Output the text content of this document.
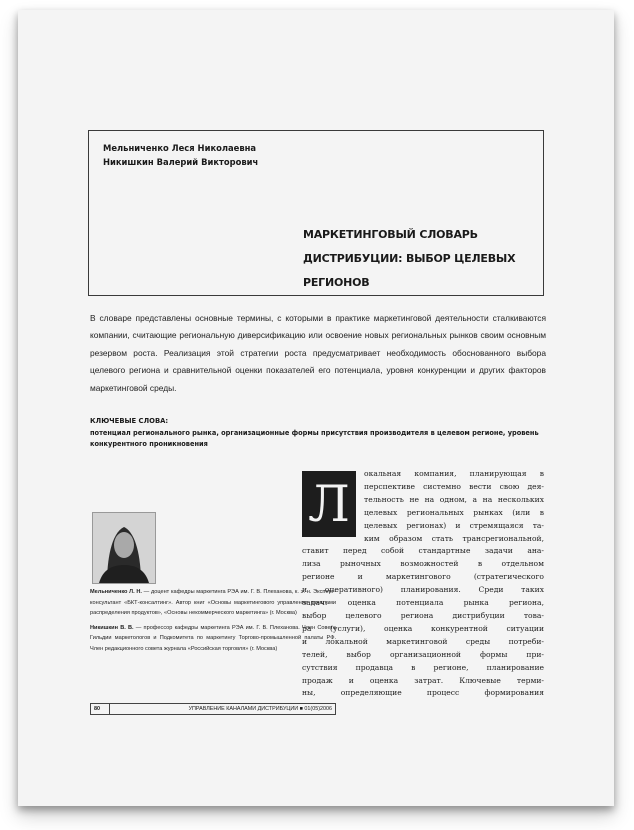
Мельниченко Леся Николаевна
Никишкин Валерий Викторович
МАРКЕТИНГОВЫЙ СЛОВАРЬ
ДИСТРИБУЦИИ: ВЫБОР ЦЕЛЕВЫХ
РЕГИОНОВ
В словаре представлены основные термины, с которыми в практике маркетинговой деятельности сталкиваются компании, считающие региональную диверсификацию или освоение новых региональных рынков своим основным резервом роста. Реализация этой стратегии роста предусматривает необходимость обоснованного выбора целевого региона и сравнительной оценки показателей его потенциала, уровня конкуренции и других факторов маркетинговой среды.
КЛЮЧЕВЫЕ СЛОВА:
потенциал регионального рынка, организационные формы присутствия производителя в целевом регионе, уровень конкурентного проникновения

Мельниченко Л. Н. — доцент кафедры маркетинга РЭА им. Г. В. Плеханова, к. э. н. Эксперт-консультант «БКТ-консалтинг». Автор книг «Основы маркетингового управления каналами распределения продуктов», «Основы некоммерческого маркетинга» (г. Москва)

Никишкин В. В. — профессор кафедры маркетинга РЭА им. Г. В. Плеханова. Член Совета Гильдии маркетологов и Подкомитета по маркетингу Торгово-промышленной палаты РФ. Член редакционного совета журнала «Российская торговля» (г. Москва)

Л
окальная компания, планирующая в
перспективе системно вести свою дея-
тельность не на одном, а на нескольких
целевых региональных рынках (или в
целевых регионах) и стремящаяся та-
ким образом стать трансрегиональной,
ставит перед собой стандартные задачи ана-
лиза рыночных возможностей в отдельном
регионе и маркетингового (стратегического
и оперативного) планирования. Среди таких
задач: оценка потенциала рынка региона,
выбор целевого региона дистрибуции това-
ра (услуги), оценка конкурентной ситуации
и локальной маркетинговой среды потреби-
телей, выбор организационной формы при-
сутствия продавца в регионе, планирование
продаж и оценка затрат. Ключевые терми-
ны, определяющие процесс формирования
80	УПРАВЛЕНИЕ КАНАЛАМИ ДИСТРИБУЦИИ ■ 01(05)2006
